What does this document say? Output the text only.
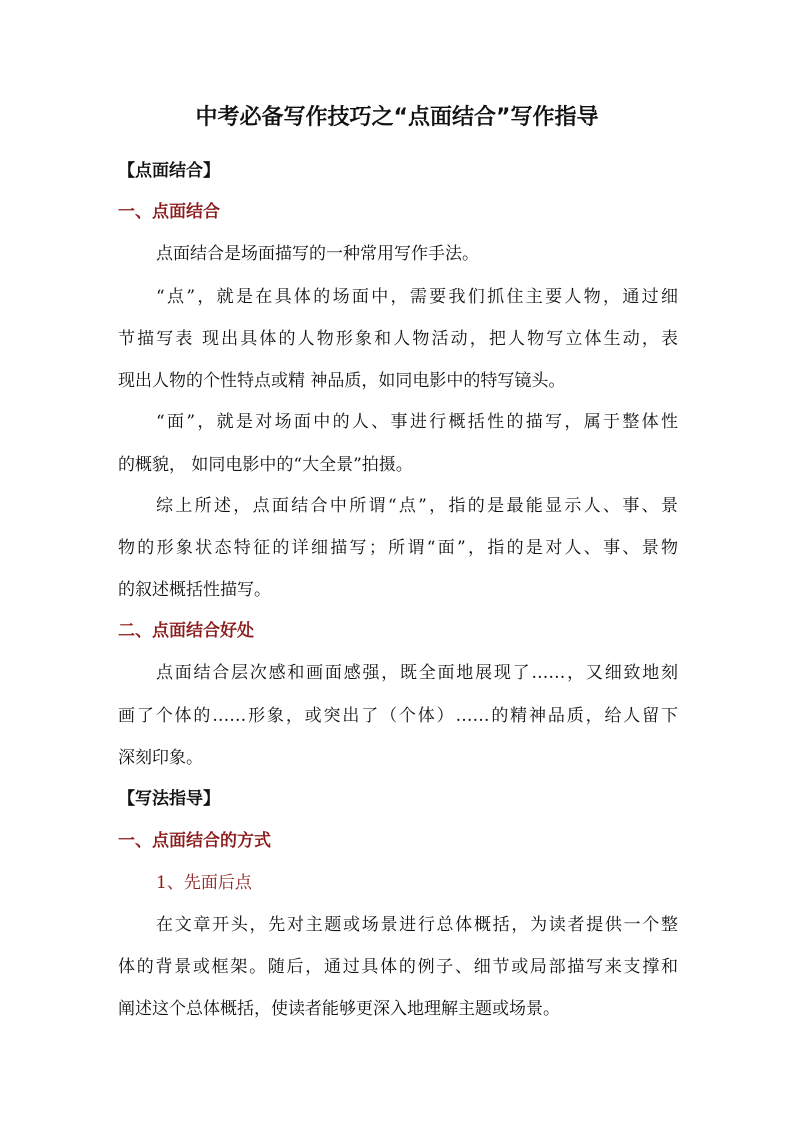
中考必备写作技巧之“点面结合”写作指导
【点面结合】
一、点面结合
点面结合是场面描写的一种常用写作手法。
“点”，就是在具体的场面中，需要我们抓住主要人物，通过细
节描写表 现出具体的人物形象和人物活动，把人物写立体生动，表
现出人物的个性特点或精 神品质，如同电影中的特写镜头。
“面”，就是对场面中的人、事进行概括性的描写，属于整体性
的概貌， 如同电影中的“大全景”拍摄。
综上所述，点面结合中所谓“点”，指的是最能显示人、事、景
物的形象状态特征的详细描写；所谓“面”，指的是对人、事、景物
的叙述概括性描写。
二、点面结合好处
点面结合层次感和画面感强，既全面地展现了……，又细致地刻
画了个体的……形象，或突出了（个体）……的精神品质，给人留下
深刻印象。
【写法指导】
一、点面结合的方式
1、先面后点
在文章开头，先对主题或场景进行总体概括，为读者提供一个整
体的背景或框架。随后，通过具体的例子、细节或局部描写来支撑和
阐述这个总体概括，使读者能够更深入地理解主题或场景。
